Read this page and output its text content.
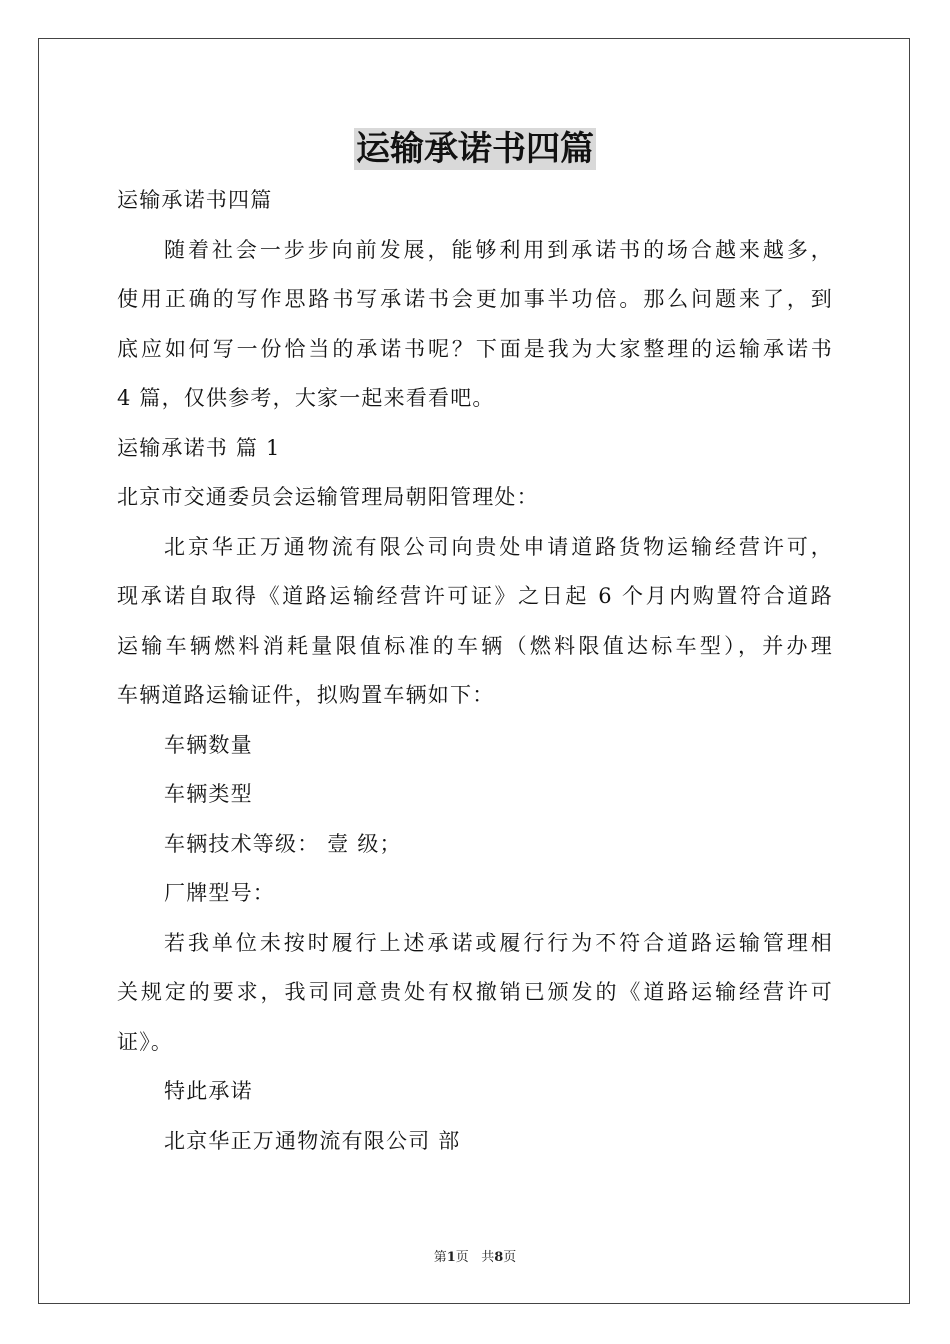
运输承诺书四篇
运输承诺书四篇
随着社会一步步向前发展，能够利用到承诺书的场合越来越多，
使用正确的写作思路书写承诺书会更加事半功倍。那么问题来了，到
底应如何写一份恰当的承诺书呢？下面是我为大家整理的运输承诺书
4 篇，仅供参考，大家一起来看看吧。
运输承诺书 篇 1
北京市交通委员会运输管理局朝阳管理处：
北京华正万通物流有限公司向贵处申请道路货物运输经营许可，
现承诺自取得《道路运输经营许可证》之日起 6 个月内购置符合道路
运输车辆燃料消耗量限值标准的车辆（燃料限值达标车型），并办理
车辆道路运输证件，拟购置车辆如下：
车辆数量
车辆类型
车辆技术等级： 壹 级；
厂牌型号：
若我单位未按时履行上述承诺或履行行为不符合道路运输管理相
关规定的要求，我司同意贵处有权撤销已颁发的《道路运输经营许可
证》。
特此承诺
北京华正万通物流有限公司 部
第1页 共8页
